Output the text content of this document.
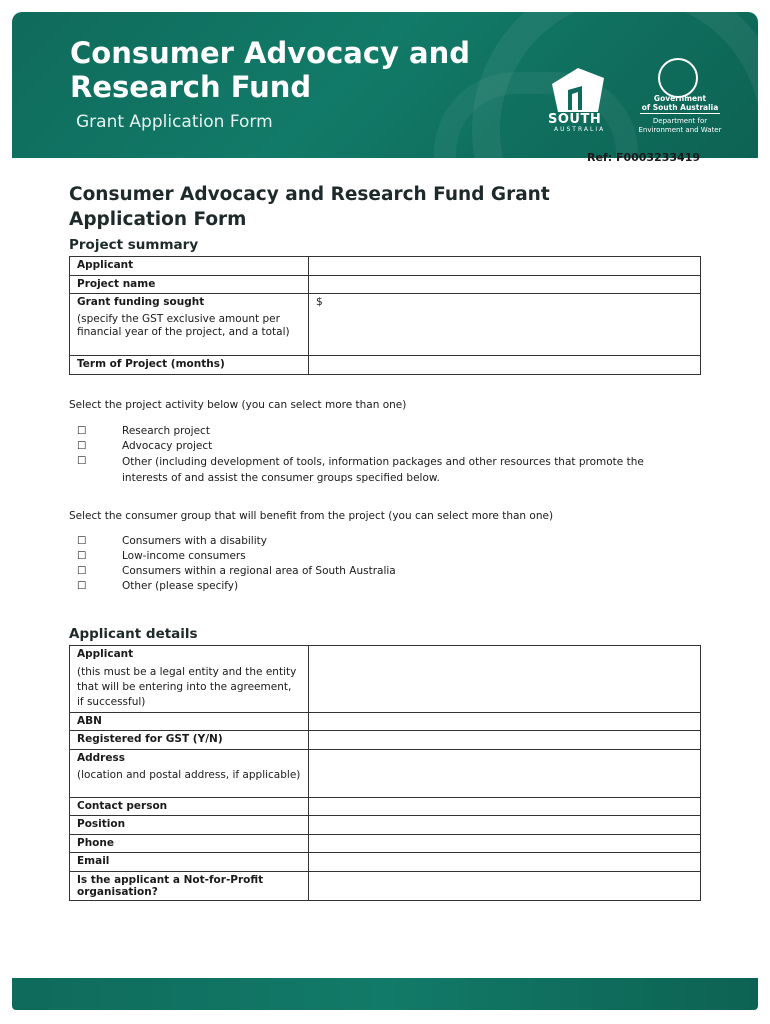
Consumer Advocacy and
Research Fund
Grant Application Form	SOUTH
AUSTRALIA
Government
of South Australia
Department for
Environment and Water
Ref: F0003233419
Consumer Advocacy and Research Fund Grant
Application Form
Project summary
Applicant	
Project name	
Grant funding sought
(specify the GST exclusive amount per financial year of the project, and a total)	$
Term of Project (months)	
Select the project activity below (you can select more than one)
☐	Research project
☐	Advocacy project
☐	Other (including development of tools, information packages and other resources that promote the interests of and assist the consumer groups specified below.
Select the consumer group that will benefit from the project (you can select more than one)
☐	Consumers with a disability
☐	Low-income consumers
☐	Consumers within a regional area of South Australia
☐	Other (please specify)
Applicant details
Applicant
(this must be a legal entity and the entity that will be entering into the agreement, if successful)	

ABN	
Registered for GST (Y/N)	
Address
(location and postal address, if applicable)	

Contact person	
Position	
Phone	
Email	

Is the applicant a Not-for-Profit organisation?	
